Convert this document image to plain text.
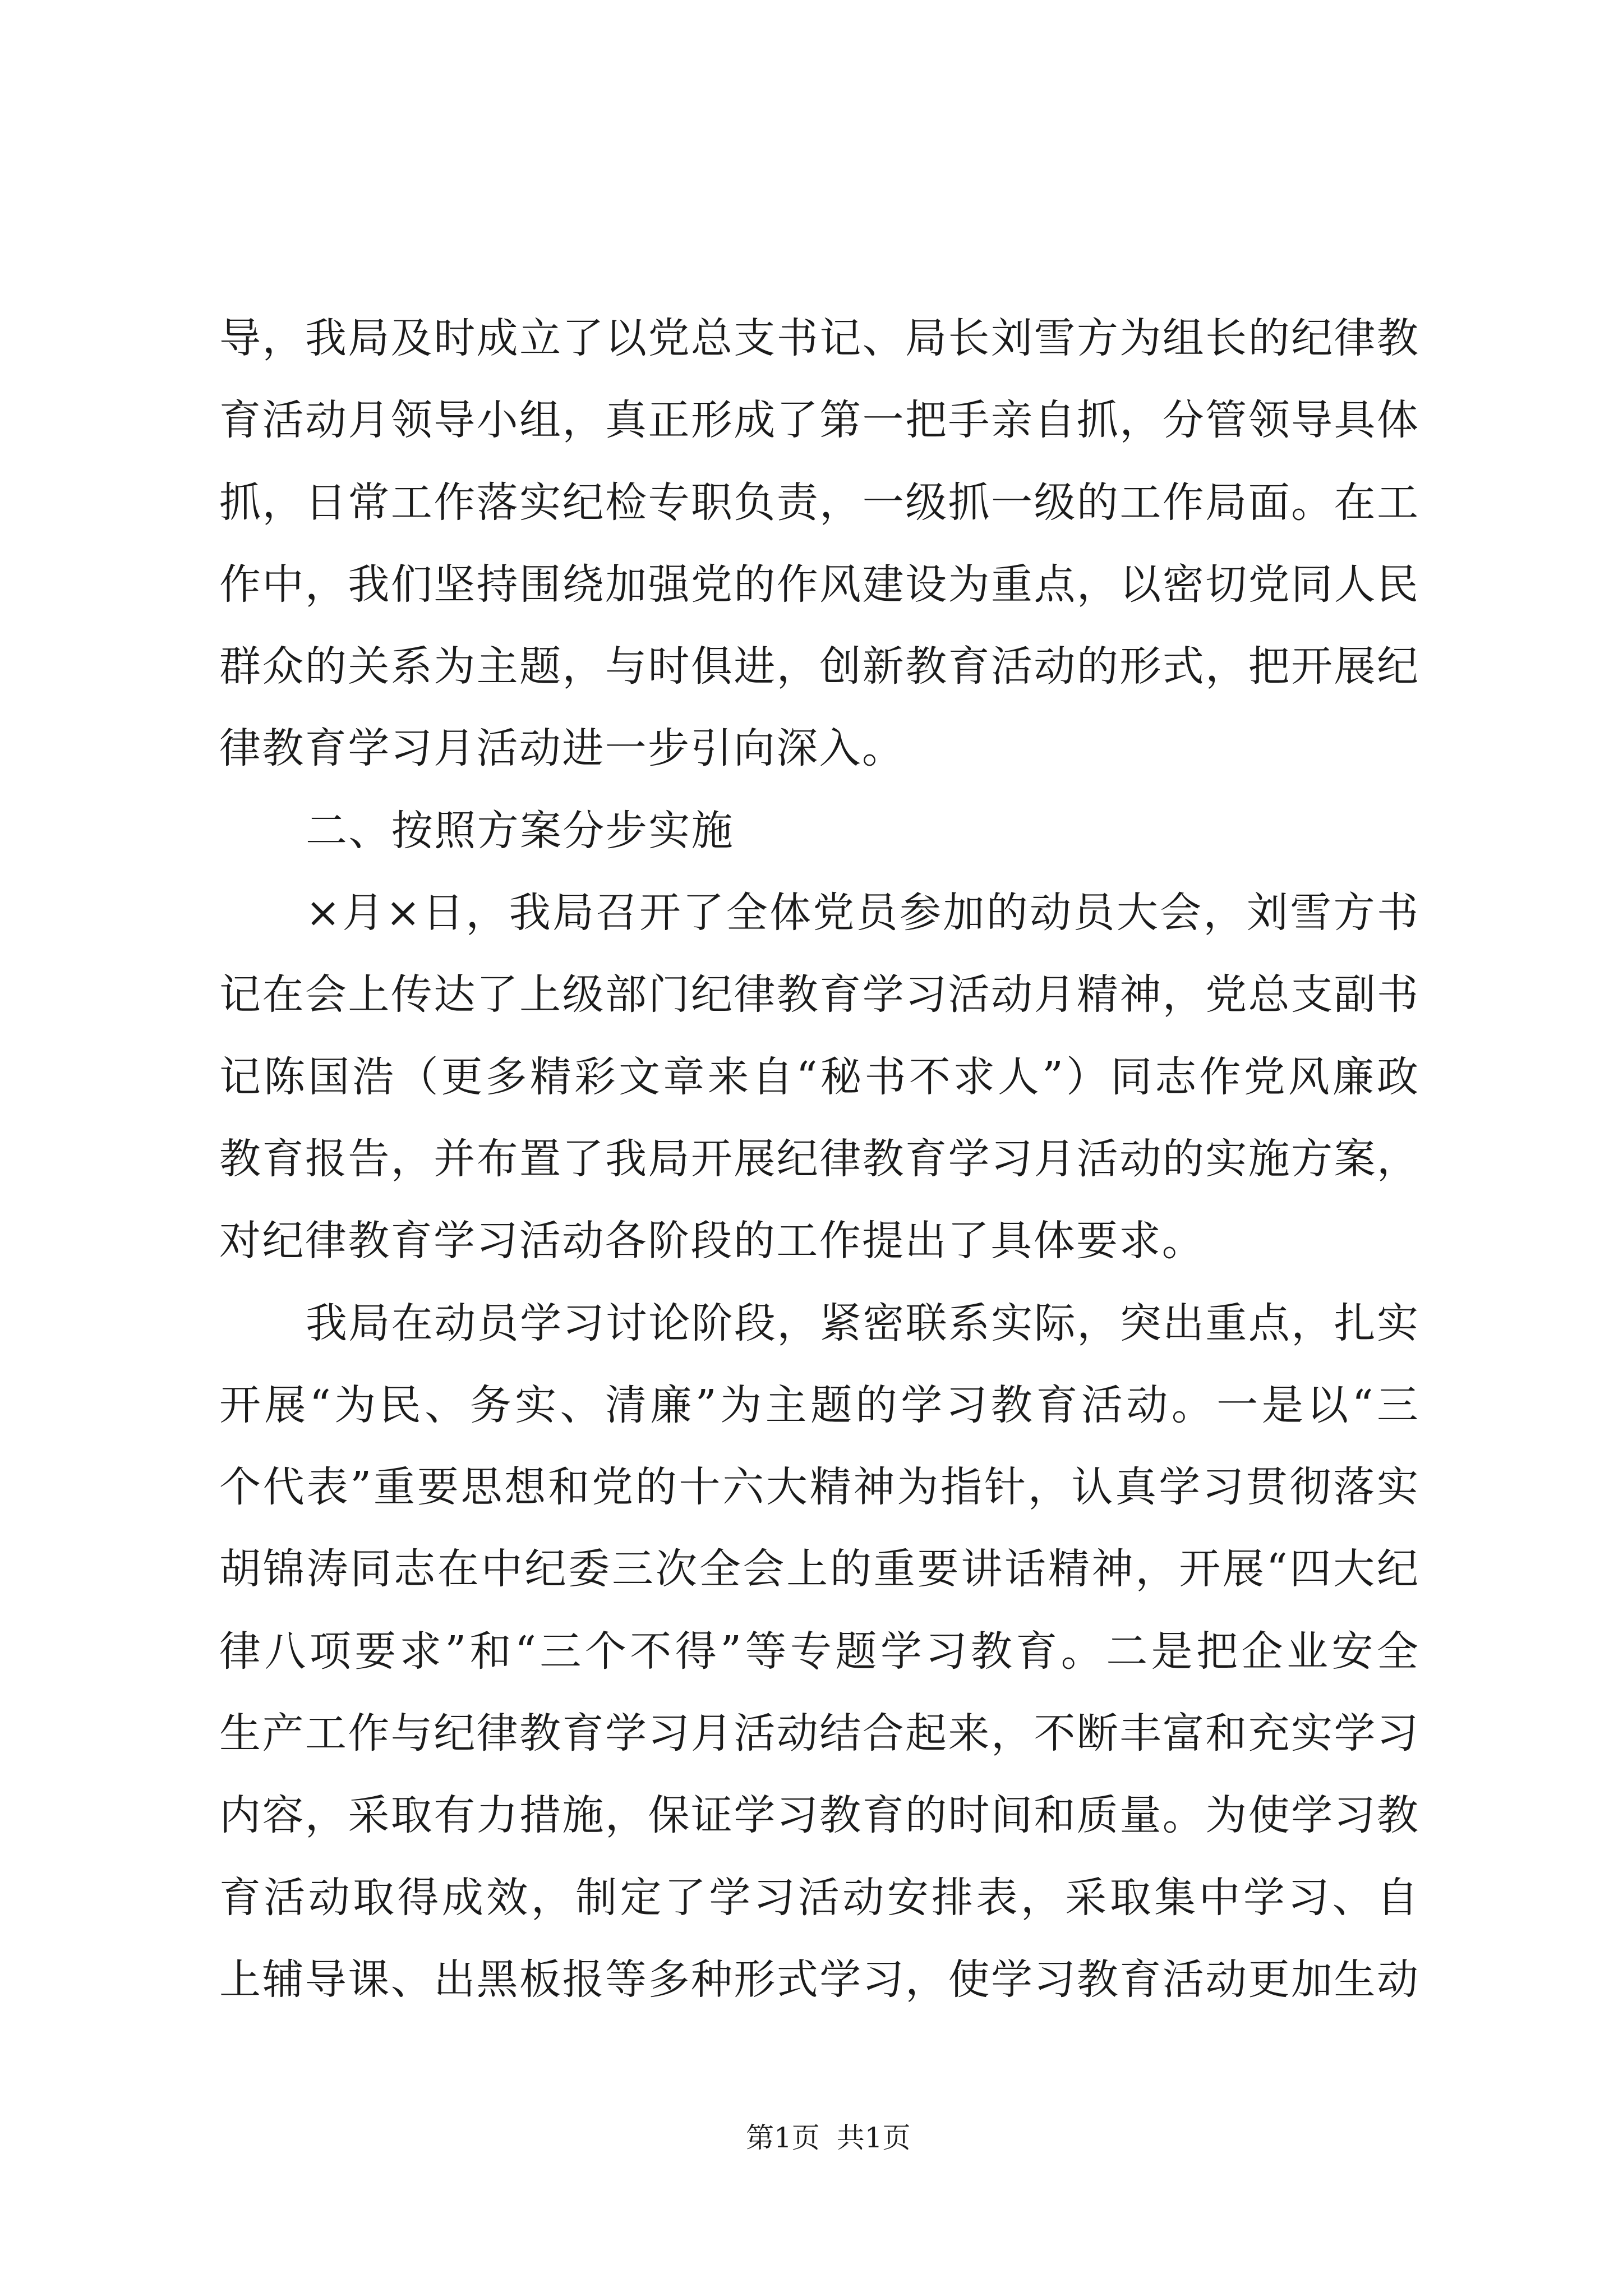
导，我局及时成立了以党总支书记、局长刘雪方为组长的纪律教
育活动月领导小组，真正形成了第一把手亲自抓，分管领导具体
抓，日常工作落实纪检专职负责，一级抓一级的工作局面。在工
作中，我们坚持围绕加强党的作风建设为重点，以密切党同人民
群众的关系为主题，与时俱进，创新教育活动的形式，把开展纪
律教育学习月活动进一步引向深入。
二、按照方案分步实施
×月×日，我局召开了全体党员参加的动员大会，刘雪方书
记在会上传达了上级部门纪律教育学习活动月精神，党总支副书
记陈国浩（更多精彩文章来自“秘书不求人”）同志作党风廉政
教育报告，并布置了我局开展纪律教育学习月活动的实施方案，
对纪律教育学习活动各阶段的工作提出了具体要求。
我局在动员学习讨论阶段，紧密联系实际，突出重点，扎实
开展“为民、务实、清廉”为主题的学习教育活动。一是以“三
个代表”重要思想和党的十六大精神为指针，认真学习贯彻落实
胡锦涛同志在中纪委三次全会上的重要讲话精神，开展“四大纪
律八项要求”和“三个不得”等专题学习教育。二是把企业安全
生产工作与纪律教育学习月活动结合起来，不断丰富和充实学习
内容，采取有力措施，保证学习教育的时间和质量。为使学习教
育活动取得成效，制定了学习活动安排表，采取集中学习、自
上辅导课、出黑板报等多种形式学习，使学习教育活动更加生动
第1页 共1页
